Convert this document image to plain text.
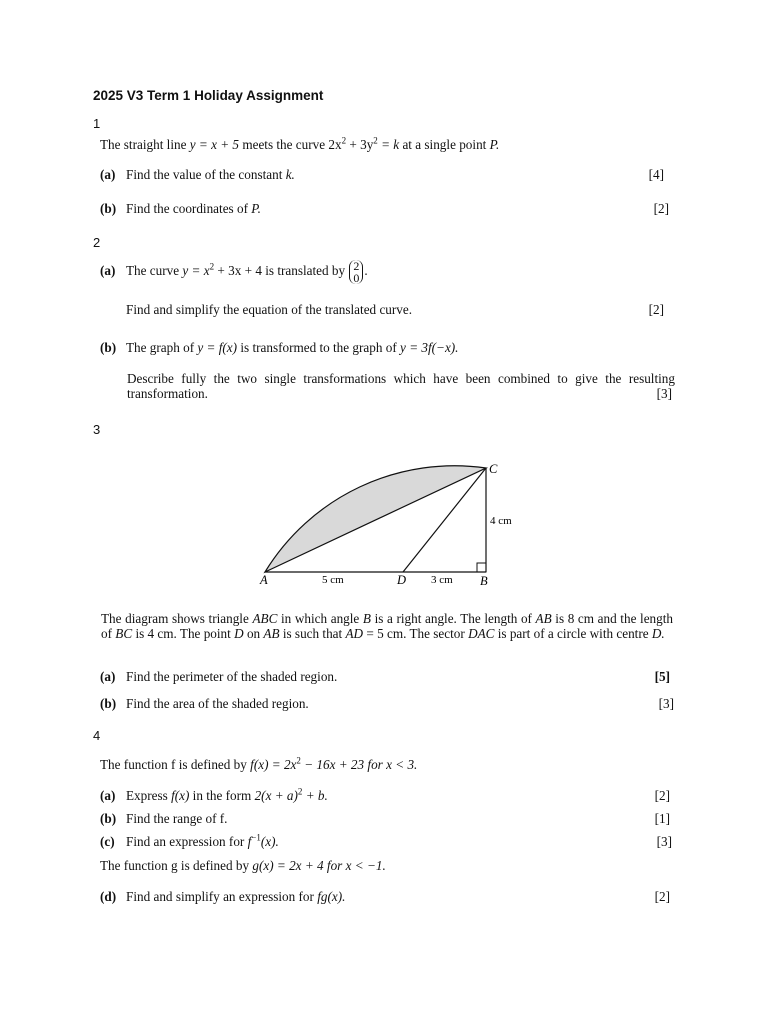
2025 V3 Term 1 Holiday Assignment
1
The straight line y = x + 5 meets the curve $2x^2 + 3y^2 = k$ at a single point P.
(a) Find the value of the constant k.	[4]
(b) Find the coordinates of P.	[2]
2
(a) The curve $y = x^2 + 3x + 4$ is translated by 2
0 .
Find and simplify the equation of the translated curve.	[2]
(b) The graph of y = f(x) is transformed to the graph of y = 3f(−x).
Describe fully the two single transformations which have been combined to give the resulting transformation.	[3]
3
A	B
C
D
5 cm	3 cm
4 cm
The diagram shows triangle ABC in which angle B is a right angle. The length of AB is 8 cm and the length of BC is 4 cm. The point D on AB is such that AD = 5 cm. The sector DAC is part of a circle with centre D.
(a) Find the perimeter of the shaded region.	[5]
(b) Find the area of the shaded region.	[3]
4
The function f is defined by $f(x) = 2x^2 - 16x + 23$ for x < 3.
(a) Express f(x) in the form $2(x + a)^2 + b$.	[2]
(b) Find the range of f.	[1]
(c) Find an expression for $f^{-1}(x)$.	[3]
The function g is defined by g(x) = 2x + 4 for x < −1.
(d) Find and simplify an expression for fg(x).	[2]
